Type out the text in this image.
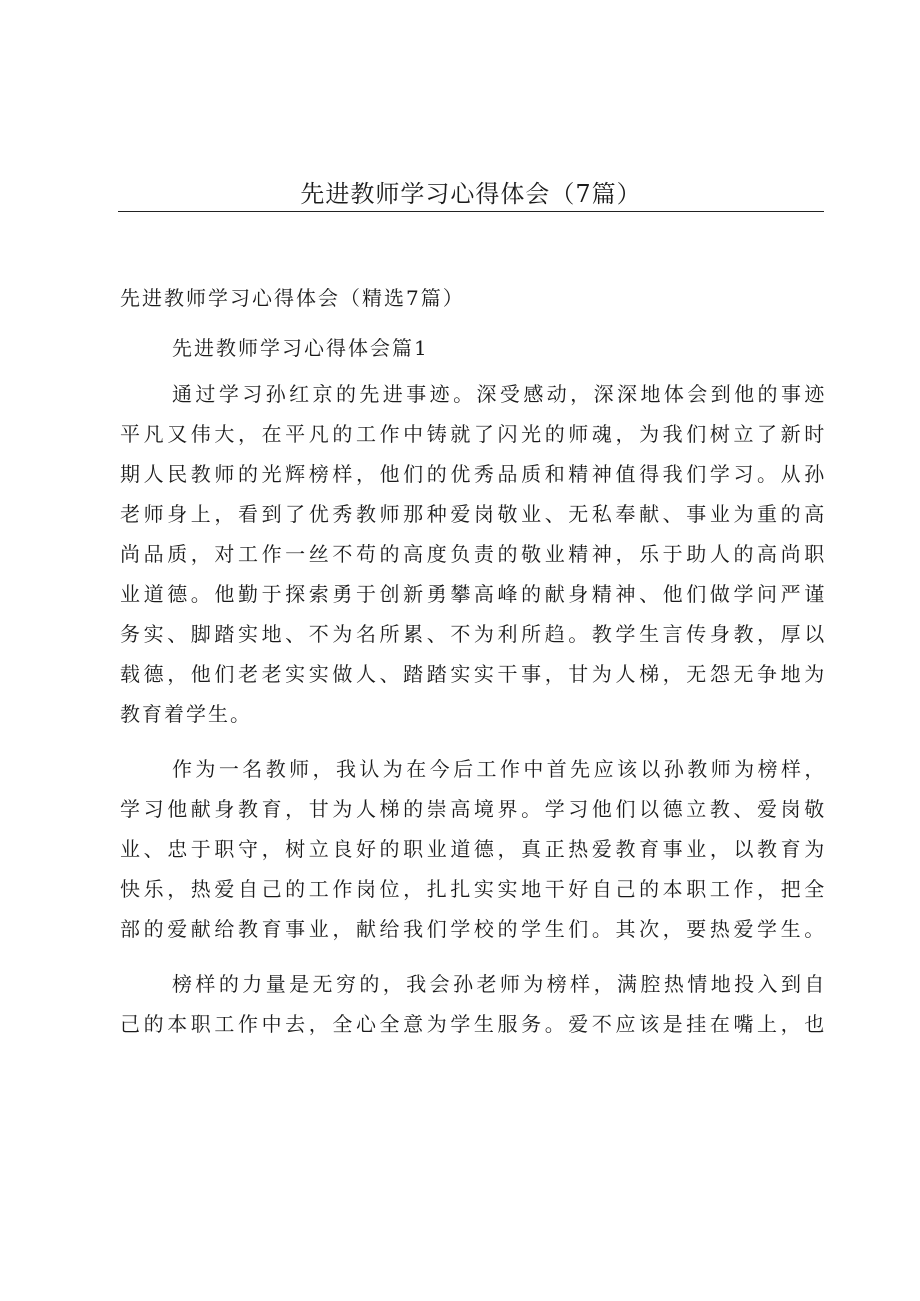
先进教师学习心得体会（7篇）

先进教师学习心得体会（精选7篇）

先进教师学习心得体会篇1

通过学习孙红京的先进事迹。深受感动，深深地体会到他的事迹
平凡又伟大，在平凡的工作中铸就了闪光的师魂，为我们树立了新时
期人民教师的光辉榜样，他们的优秀品质和精神值得我们学习。从孙
老师身上，看到了优秀教师那种爱岗敬业、无私奉献、事业为重的高
尚品质，对工作一丝不苟的高度负责的敬业精神，乐于助人的高尚职
业道德。他勤于探索勇于创新勇攀高峰的献身精神、他们做学问严谨
务实、脚踏实地、不为名所累、不为利所趋。教学生言传身教，厚以
载德，他们老老实实做人、踏踏实实干事，甘为人梯，无怨无争地为
教育着学生。
作为一名教师，我认为在今后工作中首先应该以孙教师为榜样，
学习他献身教育，甘为人梯的崇高境界。学习他们以德立教、爱岗敬
业、忠于职守，树立良好的职业道德，真正热爱教育事业，以教育为
快乐，热爱自己的工作岗位，扎扎实实地干好自己的本职工作，把全
部的爱献给教育事业，献给我们学校的学生们。其次，要热爱学生。
榜样的力量是无穷的，我会孙老师为榜样，满腔热情地投入到自
己的本职工作中去，全心全意为学生服务。爱不应该是挂在嘴上，也
